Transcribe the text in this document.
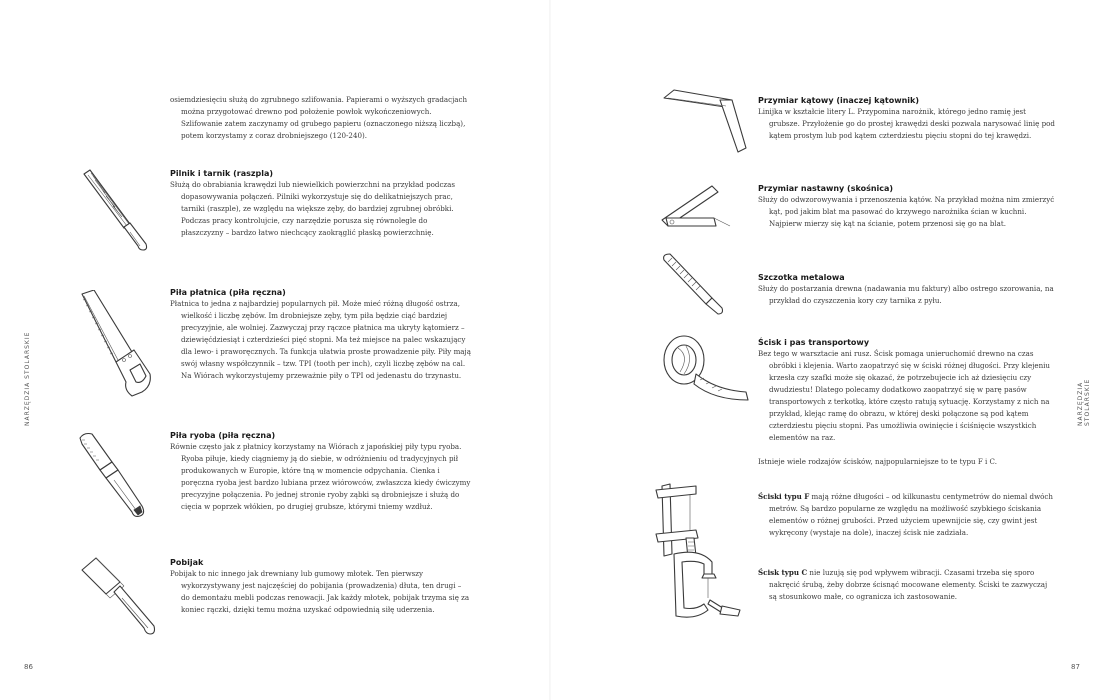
NARZĘDZIA STOLARSKIE
osiemdziesięciu służą do zgrubnego szlifowania. Papierami o wyższych gradacjach można przygotować drewno pod położenie powłok wykończeniowych. Szlifowanie zatem zaczynamy od grubego papieru (oznaczonego niższą liczbą), potem korzystamy z coraz drobniejszego (120-240).
Pilnik i tarnik (raszpla)
Służą do obrabiania krawędzi lub niewielkich powierzchni na przykład podczas dopasowywania połączeń. Pilniki wykorzystuje się do delikatniejszych prac, tarniki (raszple), ze względu na większe zęby, do bardziej zgrubnej obróbki. Podczas pracy kontrolujcie, czy narzędzie porusza się równolegle do płaszczyzny – bardzo łatwo niechcący zaokrąglić płaską powierzchnię.
Piła płatnica (piła ręczna)
Płatnica to jedna z najbardziej popularnych pił. Może mieć różną długość ostrza, wielkość i liczbę zębów. Im drobniejsze zęby, tym piła będzie ciąć bardziej precyzyjnie, ale wolniej. Zazwyczaj przy rączce płatnica ma ukryty kątomierz – dziewięćdziesiąt i czterdzieści pięć stopni. Ma też miejsce na palec wskazujący dla lewo- i praworęcznych. Ta funkcja ułatwia proste prowadzenie piły. Piły mają swój własny współczynnik – tzw. TPI (tooth per inch), czyli liczbę zębów na cal. Na Wiórach wykorzystujemy przeważnie piły o TPI od jedenastu do trzynastu.
Piła ryoba (piła ręczna)
Równie często jak z płatnicy korzystamy na Wiórach z japońskiej piły typu ryoba. Ryoba piłuje, kiedy ciągniemy ją do siebie, w odróżnieniu od tradycyjnych pił produkowanych w Europie, które tną w momencie odpychania. Cienka i poręczna ryoba jest bardzo lubiana przez wiórowców, zwłaszcza kiedy ćwiczymy precyzyjne połączenia. Po jednej stronie ryoby ząbki są drobniejsze i służą do cięcia w poprzek włókien, po drugiej grubsze, którymi tniemy wzdłuż.
Pobijak
Pobijak to nic innego jak drewniany lub gumowy młotek. Ten pierwszy wykorzystywany jest najczęściej do pobijania (prowadzenia) dłuta, ten drugi – do demontażu mebli podczas renowacji. Jak każdy młotek, pobijak trzyma się za koniec rączki, dzięki temu można uzyskać odpowiednią siłę uderzenia.
86
Przymiar kątowy (inaczej kątownik)
Linijka w kształcie litery L. Przypomina narożnik, którego jedno ramię jest grubsze. Przyłożenie go do prostej krawędzi deski pozwala narysować linię pod kątem prostym lub pod kątem czterdziestu pięciu stopni do tej krawędzi.
Przymiar nastawny (skośnica)
Służy do odwzorowywania i przenoszenia kątów. Na przykład można nim zmierzyć kąt, pod jakim blat ma pasować do krzywego narożnika ścian w kuchni. Najpierw mierzy się kąt na ścianie, potem przenosi się go na blat.
Szczotka metalowa
Służy do postarzania drewna (nadawania mu faktury) albo ostrego szorowania, na przykład do czyszczenia kory czy tarnika z pyłu.
Ścisk i pas transportowy
Bez tego w warsztacie ani rusz. Ścisk pomaga unieruchomić drewno na czas obróbki i klejenia. Warto zaopatrzyć się w ściski różnej długości. Przy klejeniu krzesła czy szafki może się okazać, że potrzebujecie ich aż dziesięciu czy dwudziestu! Dlatego polecamy dodatkowo zaopatrzyć się w parę pasów transportowych z terkotką, które często ratują sytuację. Korzystamy z nich na przykład, klejąc ramę do obrazu, w której deski połączone są pod kątem czterdziestu pięciu stopni. Pas umożliwia owinięcie i ściśnięcie wszystkich elementów na raz.
Istnieje wiele rodzajów ścisków, najpopularniejsze to te typu F i C.
Ściski typu F mają różne długości – od kilkunastu centymetrów do niemal dwóch metrów. Są bardzo popularne ze względu na możliwość szybkiego ściskania elementów o różnej grubości. Przed użyciem upewnijcie się, czy gwint jest wykręcony (wystaje na dole), inaczej ścisk nie zadziała.
Ścisk typu C nie luzują się pod wpływem wibracji. Czasami trzeba się sporo nakręcić śrubą, żeby dobrze ścisnąć mocowane elementy. Ściski te zazwyczaj są stosunkowo małe, co ogranicza ich zastosowanie.
NARZĘDZIA STOLARSKIE
87
